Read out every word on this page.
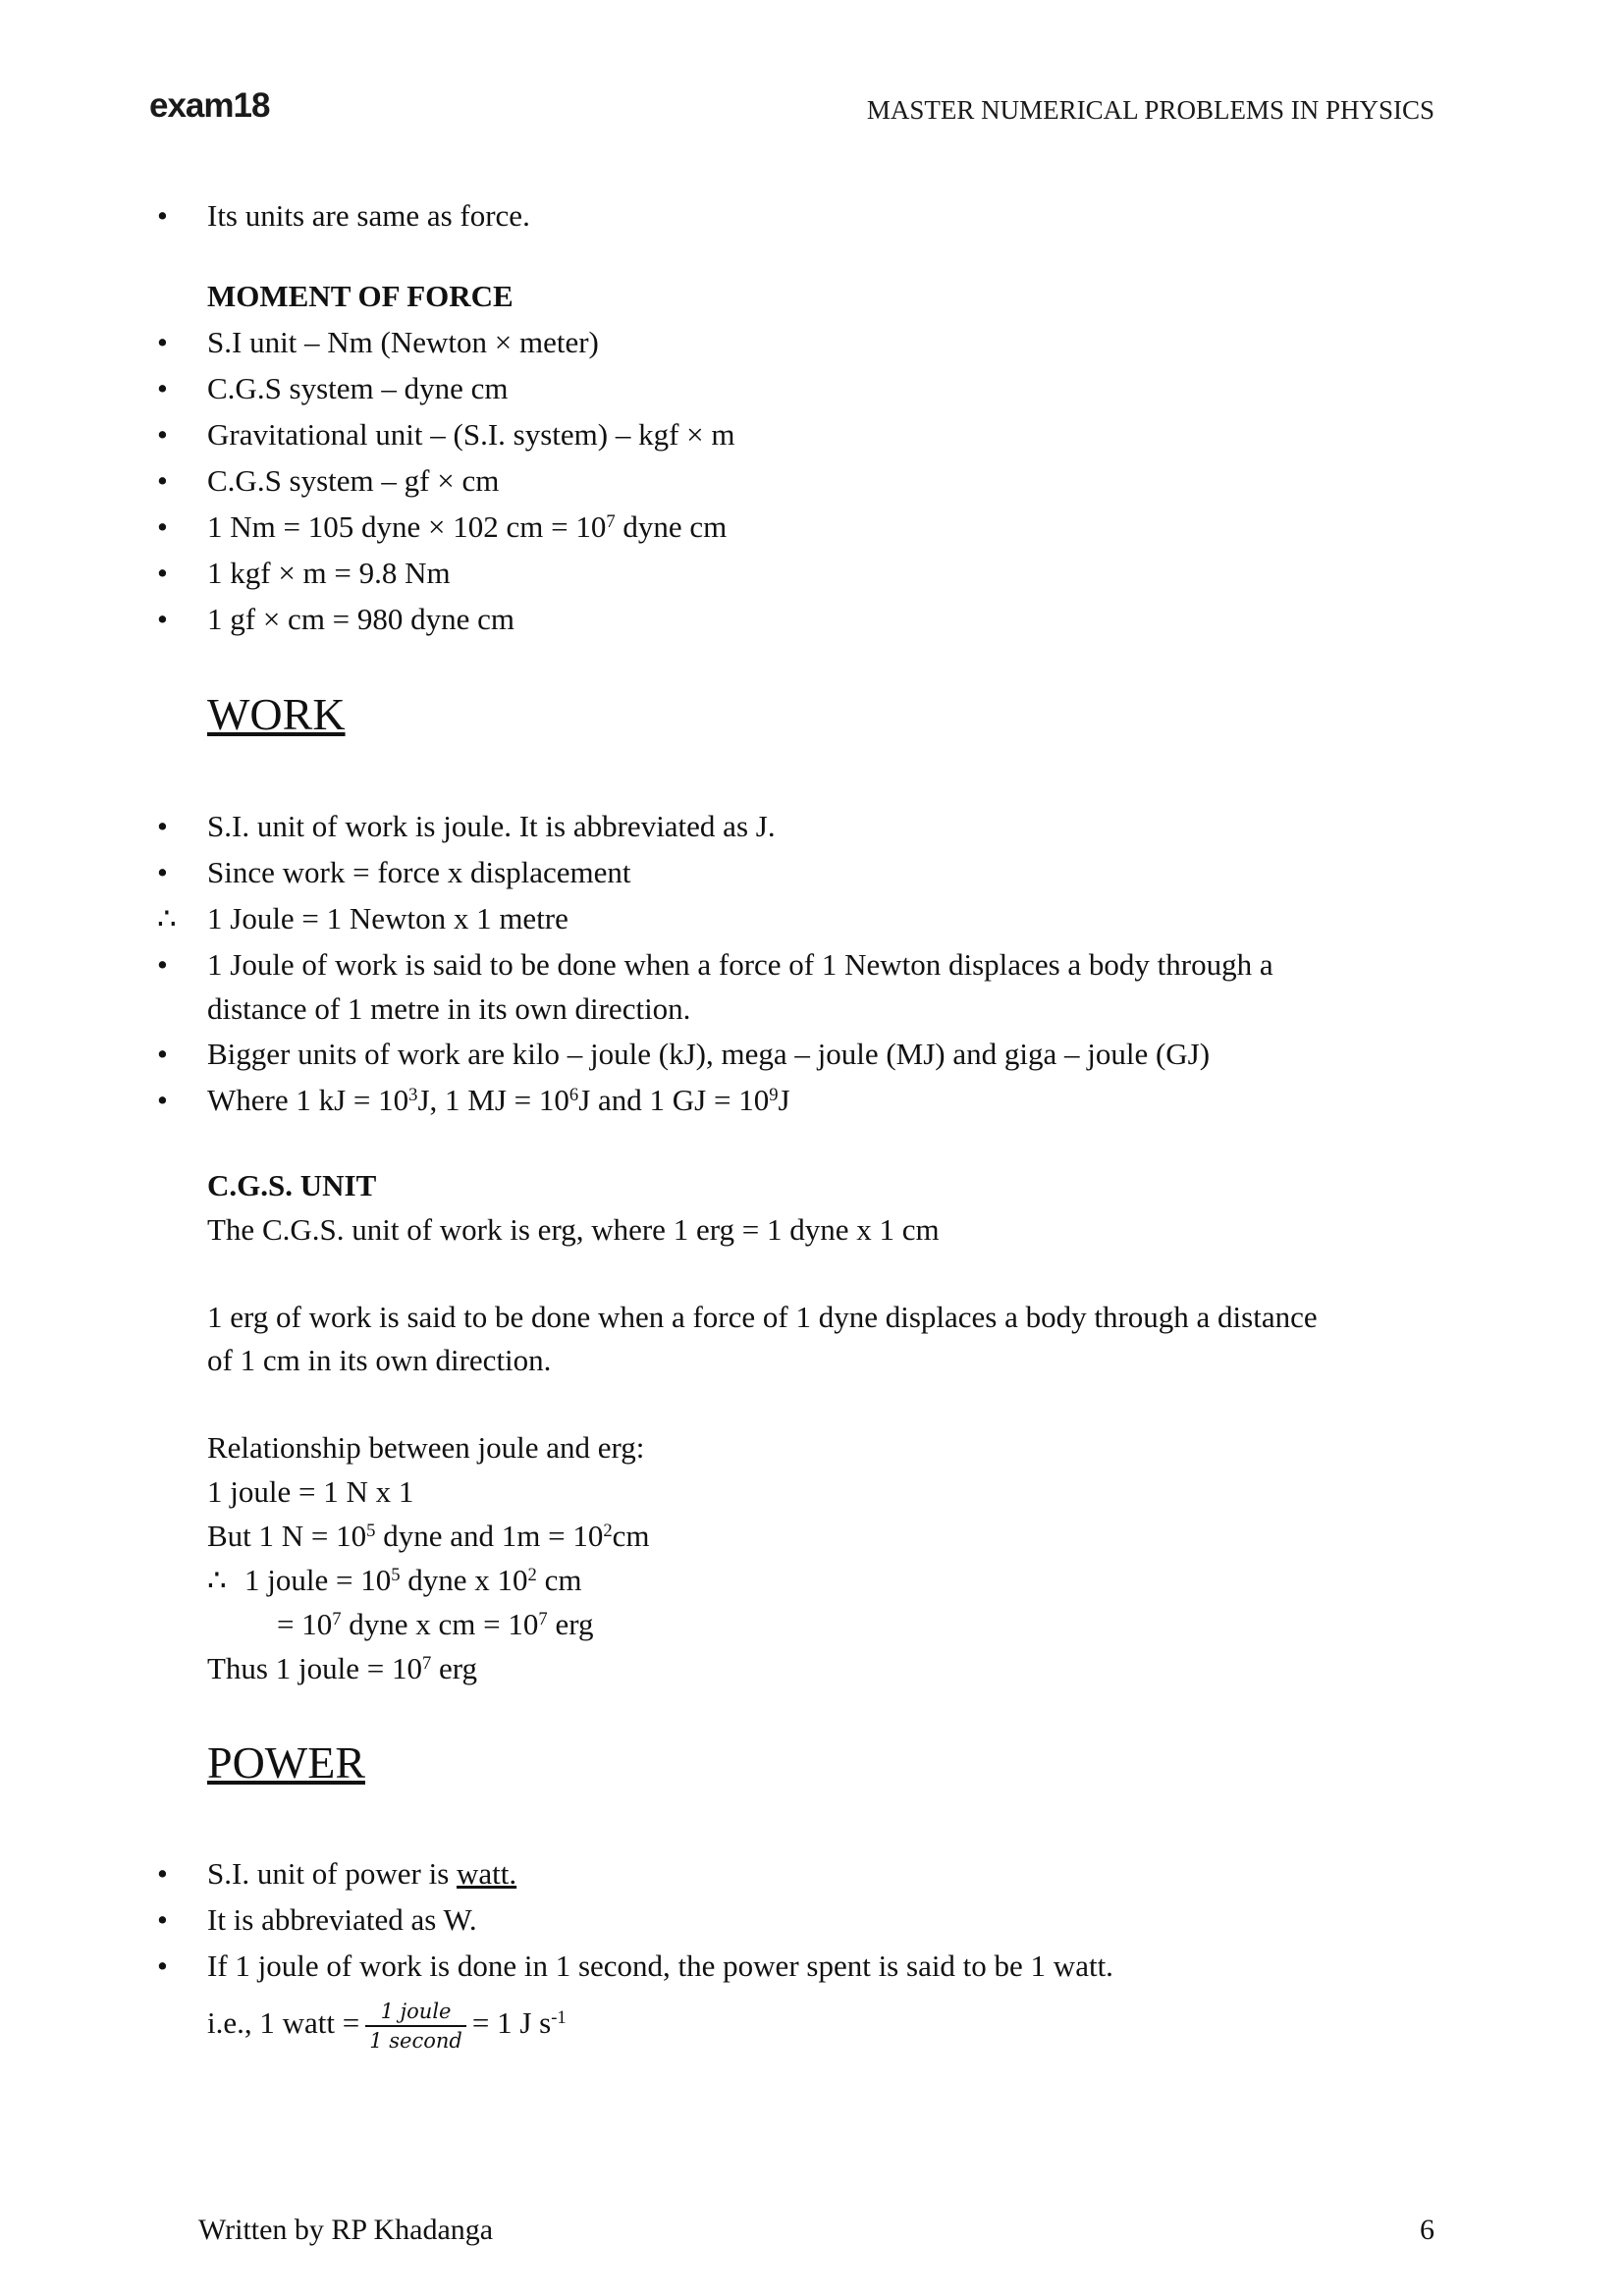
exam18	MASTER NUMERICAL PROBLEMS IN PHYSICS
• Its units are same as force.
MOMENT OF FORCE
• S.I unit – Nm (Newton × meter)
• C.G.S system – dyne cm
• Gravitational unit – (S.I. system) – kgf × m
• C.G.S system – gf × cm
• 1 Nm = 105 dyne × 102 cm = $10^7$ dyne cm
• 1 kgf × m = 9.8 Nm
• 1 gf × cm = 980 dyne cm
WORK
• S.I. unit of work is joule. It is abbreviated as J.
• Since work = force x displacement
∴ 1 Joule = 1 Newton x 1 metre
• 1 Joule of work is said to be done when a force of 1 Newton displaces a body through a
distance of 1 metre in its own direction.
• Bigger units of work are kilo – joule (kJ), mega – joule (MJ) and giga – joule (GJ)
• Where 1 kJ = $10^3J$, 1 MJ = $10^6J$ and 1 GJ = $10^9J$
C.G.S. UNIT
The C.G.S. unit of work is erg, where 1 erg = 1 dyne x 1 cm
1 erg of work is said to be done when a force of 1 dyne displaces a body through a distance
of 1 cm in its own direction.
Relationship between joule and erg:
1 joule = 1 N x 1
But 1 $N = 10^5$ dyne and $1m = 10^2cm$
∴ 1 joule = $10^5$ dyne x $10^2$ cm
= $10^7$ dyne x cm = $10^7$ erg
Thus 1 joule = $10^7$ erg
POWER
• S.I. unit of power is watt.
• It is abbreviated as W.
• If 1 joule of work is done in 1 second, the power spent is said to be 1 watt.
i.e., 1 watt = $\frac{\text{1 joule}}{\text{1 second}} = 1$ J $s^{-1}$
Written by RP Khadanga	6
